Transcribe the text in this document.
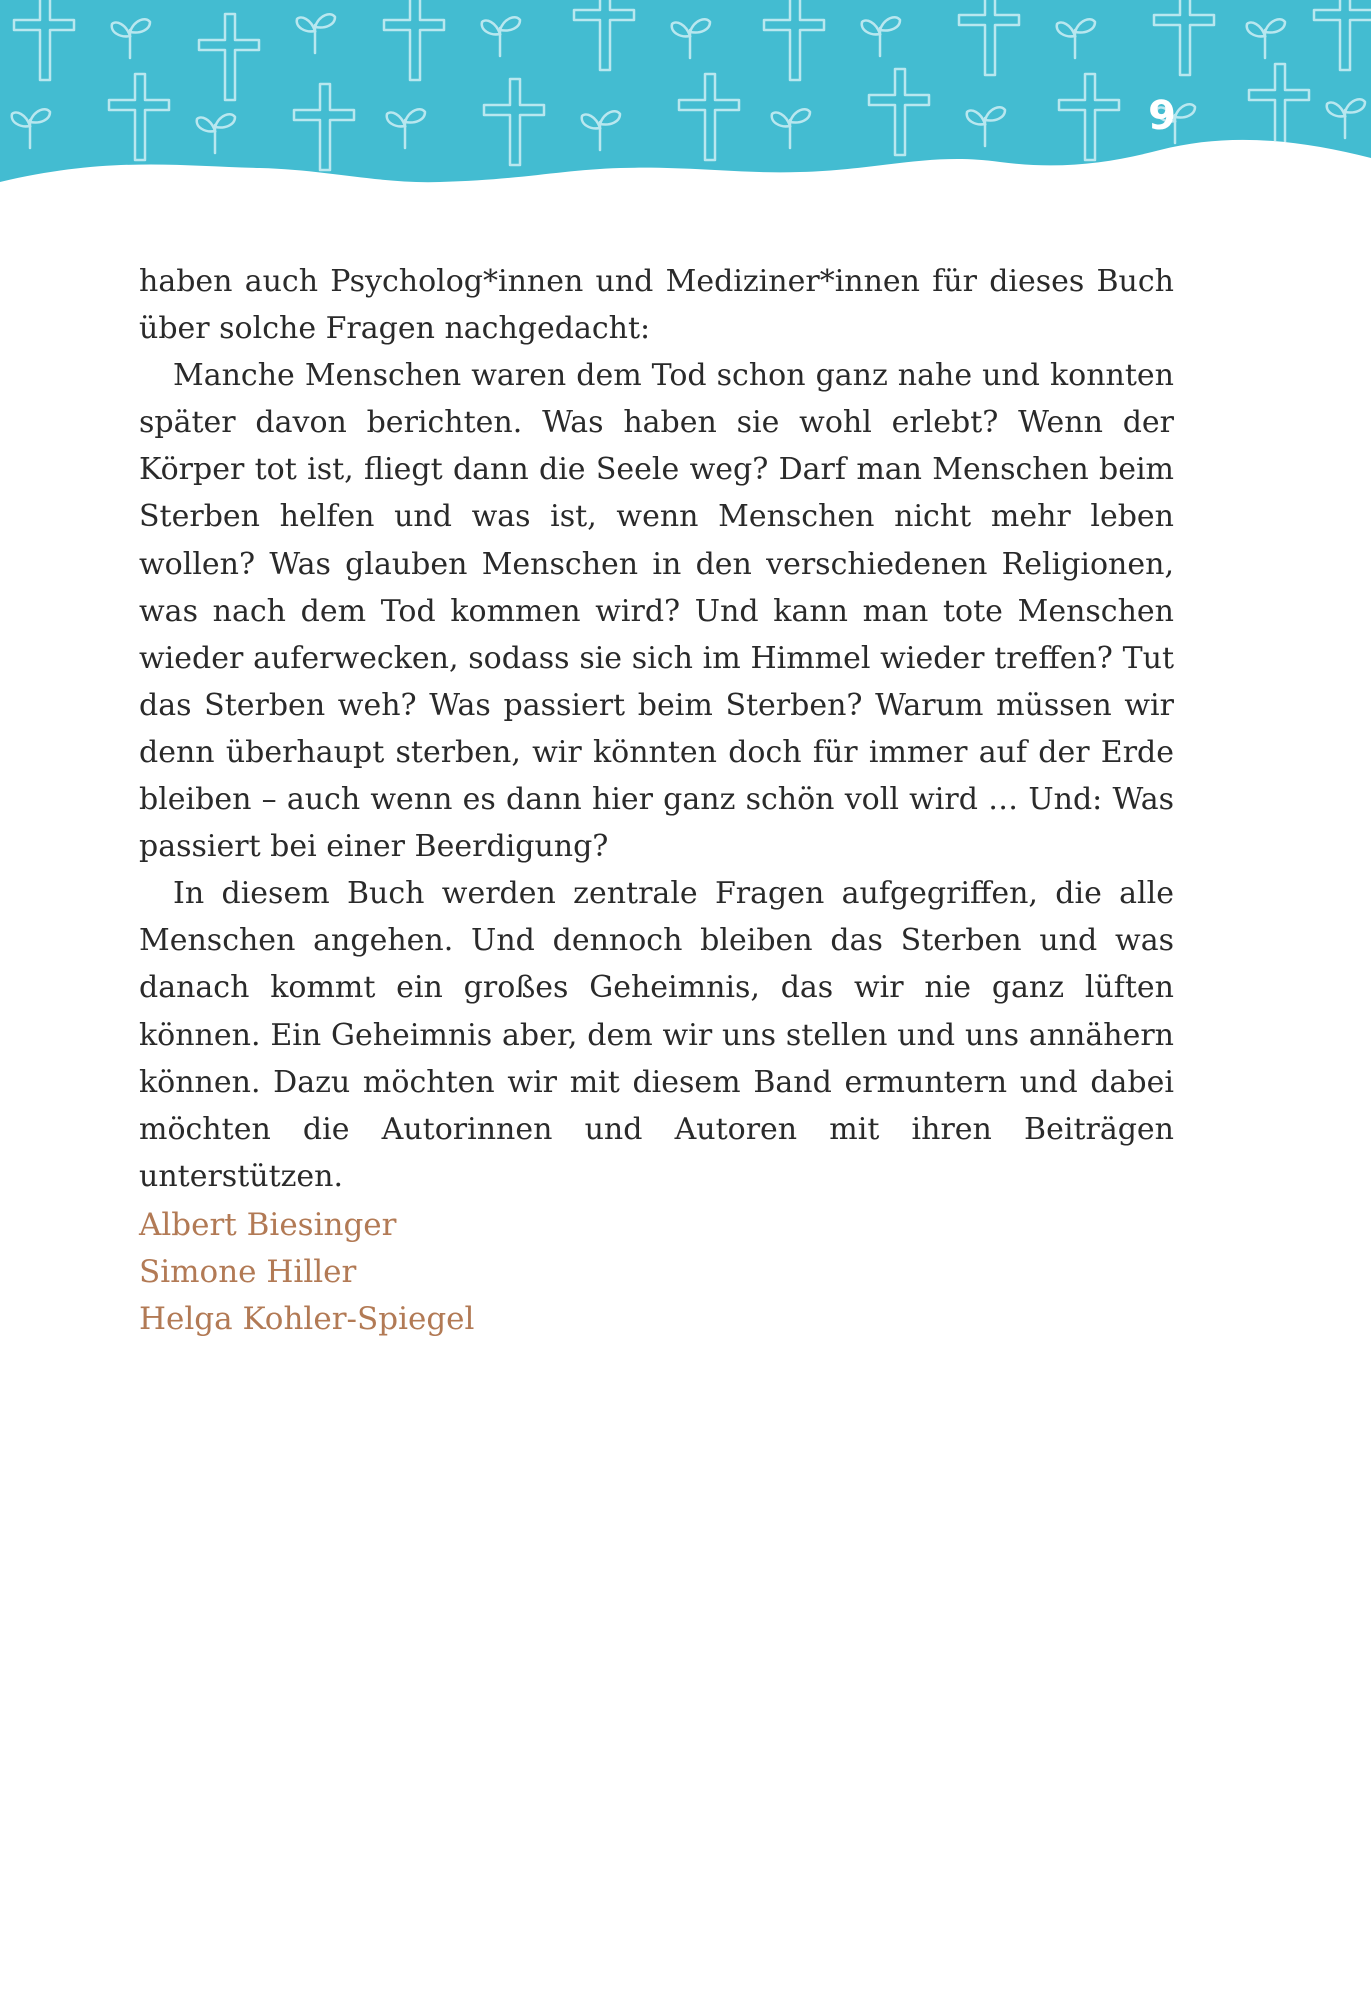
9

haben auch Psycholog*innen und Mediziner*innen für dieses Buch über solche Fragen nachgedacht:

Manche Menschen waren dem Tod schon ganz nahe und konnten später davon berichten. Was haben sie wohl erlebt? Wenn der Körper tot ist, fliegt dann die Seele weg? Darf man Menschen beim Sterben helfen und was ist, wenn Menschen nicht mehr leben wollen? Was glauben Menschen in den verschiedenen Religionen, was nach dem Tod kommen wird? Und kann man tote Menschen wieder auferwecken, sodass sie sich im Himmel wieder treffen? Tut das Sterben weh? Was passiert beim Sterben? Warum müssen wir denn überhaupt sterben, wir könnten doch für immer auf der Erde bleiben – auch wenn es dann hier ganz schön voll wird … Und: Was passiert bei einer Beerdigung?

In diesem Buch werden zentrale Fragen aufgegriffen, die alle Menschen angehen. Und dennoch bleiben das Sterben und was danach kommt ein großes Geheimnis, das wir nie ganz lüften können. Ein Geheimnis aber, dem wir uns stellen und uns annähern können. Dazu möchten wir mit diesem Band ermuntern und dabei möchten die Autorinnen und Autoren mit ihren Beiträgen unterstützen.

Albert Biesinger
Simone Hiller
Helga Kohler-Spiegel
